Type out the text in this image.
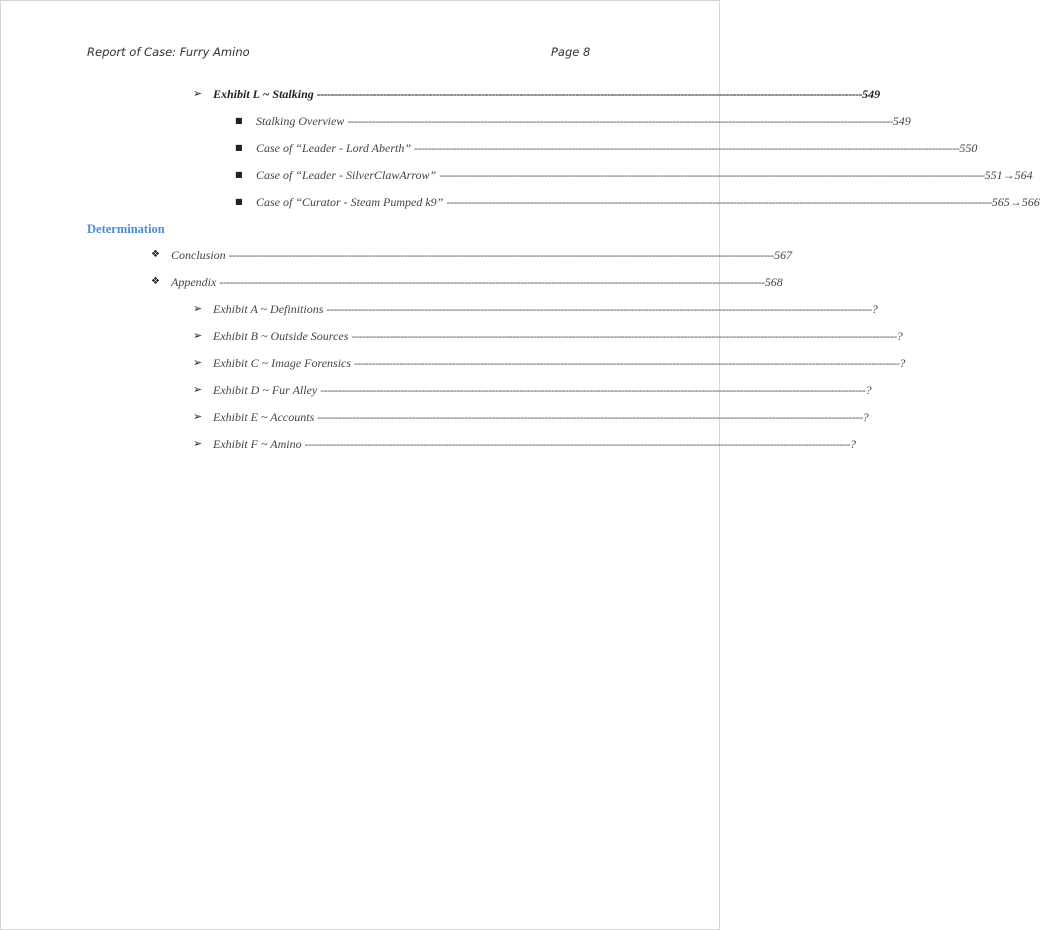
Report of Case: Furry Amino	Page 8
➢ Exhibit L ~ Stalking ------------------------------------------------------------------------------------------------------------------------------------------------------------ 549
■ Stalking Overview ------------------------------------------------------------------------------------------------------------------------------------------------------------ 549
■ Case of “Leader - Lord Aberth” ------------------------------------------------------------------------------------------------------------------------------------------------------------ 550
■ Case of “Leader - SilverClawArrow” ------------------------------------------------------------------------------------------------------------------------------------------------------------ 551→564
■ Case of “Curator - Steam Pumped k9” ------------------------------------------------------------------------------------------------------------------------------------------------------------ 565→566
Determination
❖ Conclusion ------------------------------------------------------------------------------------------------------------------------------------------------------------ 567
❖ Appendix ------------------------------------------------------------------------------------------------------------------------------------------------------------ 568
➢ Exhibit A ~ Definitions ------------------------------------------------------------------------------------------------------------------------------------------------------------ ?
➢ Exhibit B ~ Outside Sources ------------------------------------------------------------------------------------------------------------------------------------------------------------ ?
➢ Exhibit C ~ Image Forensics ------------------------------------------------------------------------------------------------------------------------------------------------------------ ?
➢ Exhibit D ~ Fur Alley ------------------------------------------------------------------------------------------------------------------------------------------------------------ ?
➢ Exhibit E ~ Accounts ------------------------------------------------------------------------------------------------------------------------------------------------------------ ?
➢ Exhibit F ~ Amino ------------------------------------------------------------------------------------------------------------------------------------------------------------ ?
